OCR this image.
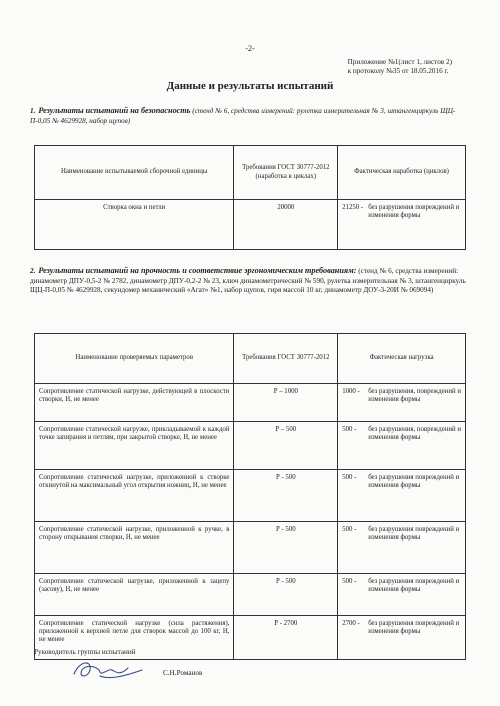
-2-
Приложение №1(лист 1, листов 2)
к протоколу №35 от 18.05.2016 г.
Данные и результаты испытаний
1. Результаты испытаний на безопасность (стенд № 6, средства измерений: рулетка измерительная № 3, штангенциркуль ЩЦ-П-0,05 № 4629928, набор щупов)
Наименование испытываемой сборочной единицы	Требования ГОСТ 30777-2012 (наработка в циклах)	Фактическая наработка (циклов)
Створка окна и петли	20000	21250 - без разрушения повреждений и изменения формы
2. Результаты испытаний на прочность и соответствие эргономическим требованиям: (стенд № 6, средства измерений: динамометр ДПУ-0,5-2 № 2782, динамометр ДПУ-0,2-2 № 23, ключ динамометрический № 590, рулетка измерительная № 3, штангенциркуль ЩЦ-П-0,05 № 4629928, секундомер механический «Агат» №1, набор щупов, гиря массой 10 кг, динамометр ДОУ-3-20И № 069094)
Наименование проверяемых параметров	Требования ГОСТ 30777-2012	Фактическая нагрузка
Сопротивление статической нагрузке, действующей в плоскости створки, Н, не менее	Р – 1000	1000 - без разрушения, повреждений и изменения формы

Сопротивление статической нагрузке, прикладываемой к каждой точке запирания и петлям, при закрытой створке, Н, не менее	Р – 500	500 - без разрушения, повреждений и изменения формы

Сопротивление статической нагрузке, приложенной к створке откинутой на максимальный угол открытия ножниц, Н, не менее	Р - 500	500 - без разрушения повреждений и изменения формы

Сопротивление статической нагрузке, приложенной к ручке, в сторону открывания створки, Н, не менее	Р - 500	500 - без разрушения повреждений и изменения формы

Сопротивление статической нагрузке, приложенной к зацепу (засову), Н, не менее	Р - 500	500 - без разрушения повреждений и изменения формы

Сопротивление статической нагрузке (сила растяжения), приложенной к верхней петле для створок массой до 100 кг, Н, не менее	Р - 2700	2700 - без разрушения повреждений и изменения формы
Руководитель группы испытаний
С.Н.Романов
